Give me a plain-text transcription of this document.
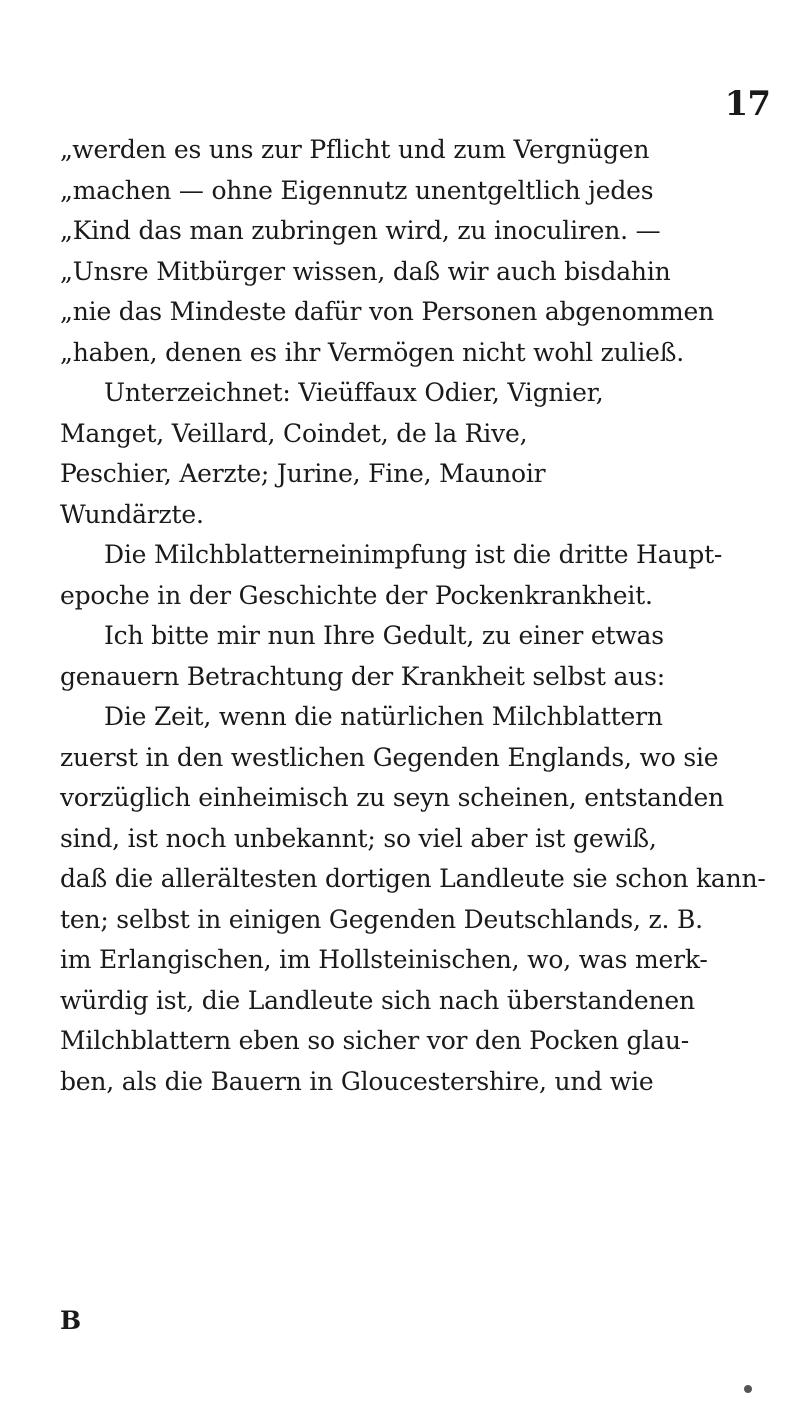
17
„werden es uns zur Pflicht und zum Vergnügen
„machen — ohne Eigennutz unentgeltlich jedes
„Kind das man zubringen wird, zu inoculiren. —
„Unsre Mitbürger wissen, daß wir auch bisdahin
„nie das Mindeste dafür von Personen abgenommen
„haben, denen es ihr Vermögen nicht wohl zuließ.
Unterzeichnet: Vieüffaux Odier, Vignier,
Manget, Veillard, Coindet, de la Rive,
Peschier, Aerzte; Jurine, Fine, Maunoir
Wundärzte.
Die Milchblatterneinimpfung ist die dritte Haupt-
epoche in der Geschichte der Pockenkrankheit.
Ich bitte mir nun Ihre Gedult, zu einer etwas
genauern Betrachtung der Krankheit selbst aus:
Die Zeit, wenn die natürlichen Milchblattern
zuerst in den westlichen Gegenden Englands, wo sie
vorzüglich einheimisch zu seyn scheinen, entstanden
sind, ist noch unbekannt; so viel aber ist gewiß,
daß die allerältesten dortigen Landleute sie schon kann-
ten; selbst in einigen Gegenden Deutschlands, z. B.
im Erlangischen, im Hollsteinischen, wo, was merk-
würdig ist, die Landleute sich nach überstandenen
Milchblattern eben so sicher vor den Pocken glau-
ben, als die Bauern in Gloucestershire, und wie
B
